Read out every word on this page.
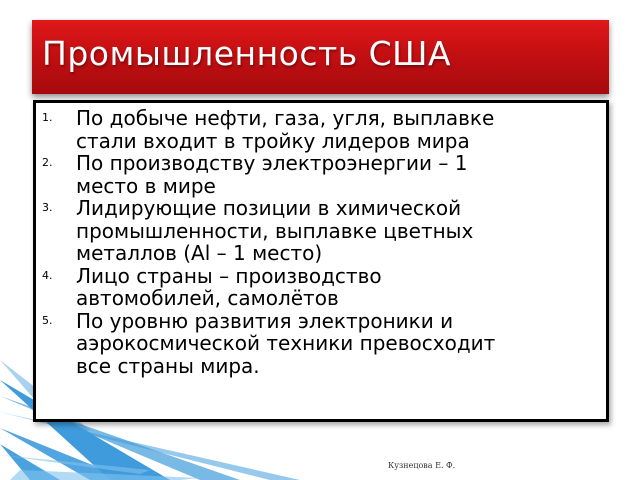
Промышленность США
1. По добыче нефти, газа, угля, выплавке
стали входит в тройку лидеров мира
2. По производству электроэнергии – 1
место в мире
3. Лидирующие позиции в химической
промышленности, выплавке цветных
металлов (Al – 1 место)
4. Лицо страны – производство
автомобилей, самолётов
5. По уровню развития электроники и
аэрокосмической техники превосходит
все страны мира.
Кузнецова Е. Ф.
